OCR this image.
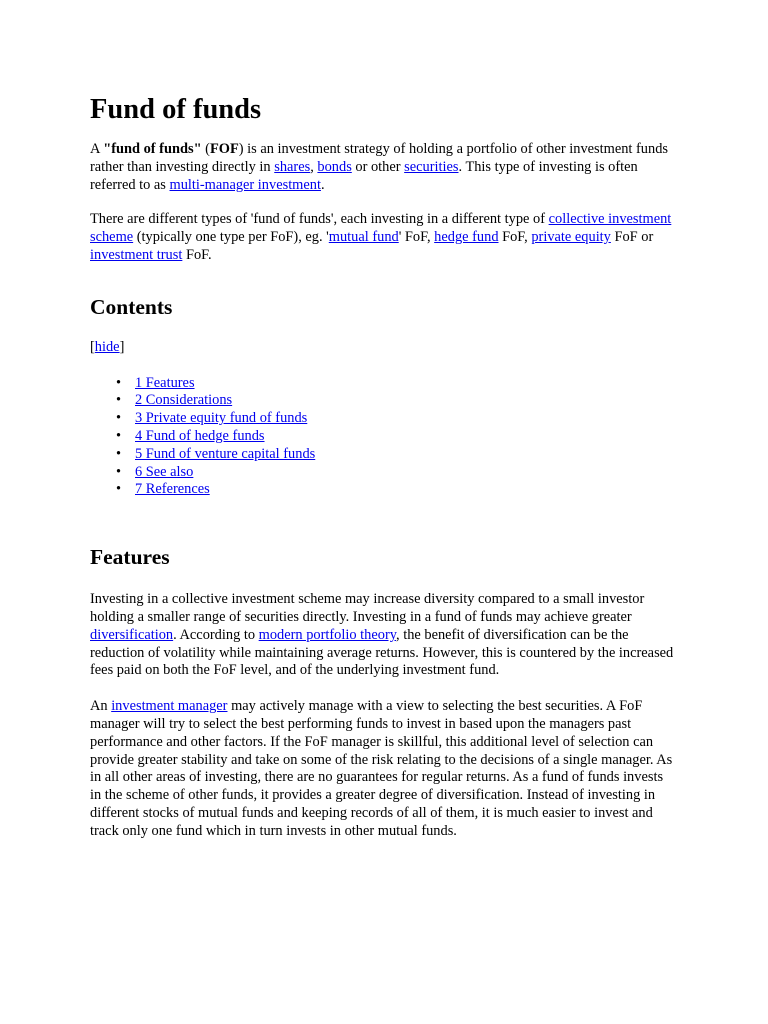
Fund of funds

A "fund of funds" (FOF) is an investment strategy of holding a portfolio of other investment funds rather than investing directly in shares, bonds or other securities. This type of investing is often referred to as multi-manager investment.

There are different types of 'fund of funds', each investing in a different type of collective investment scheme (typically one type per FoF), eg. 'mutual fund' FoF, hedge fund FoF, private equity FoF or investment trust FoF.

Contents
[hide]
• 1 Features
• 2 Considerations
• 3 Private equity fund of funds
• 4 Fund of hedge funds
• 5 Fund of venture capital funds
• 6 See also
• 7 References
Features

Investing in a collective investment scheme may increase diversity compared to a small investor holding a smaller range of securities directly. Investing in a fund of funds may achieve greater diversification. According to modern portfolio theory, the benefit of diversification can be the reduction of volatility while maintaining average returns. However, this is countered by the increased fees paid on both the FoF level, and of the underlying investment fund.

An investment manager may actively manage with a view to selecting the best securities. A FoF manager will try to select the best performing funds to invest in based upon the managers past performance and other factors. If the FoF manager is skillful, this additional level of selection can provide greater stability and take on some of the risk relating to the decisions of a single manager. As in all other areas of investing, there are no guarantees for regular returns. As a fund of funds invests in the scheme of other funds, it provides a greater degree of diversification. Instead of investing in different stocks of mutual funds and keeping records of all of them, it is much easier to invest and track only one fund which in turn invests in other mutual funds.
